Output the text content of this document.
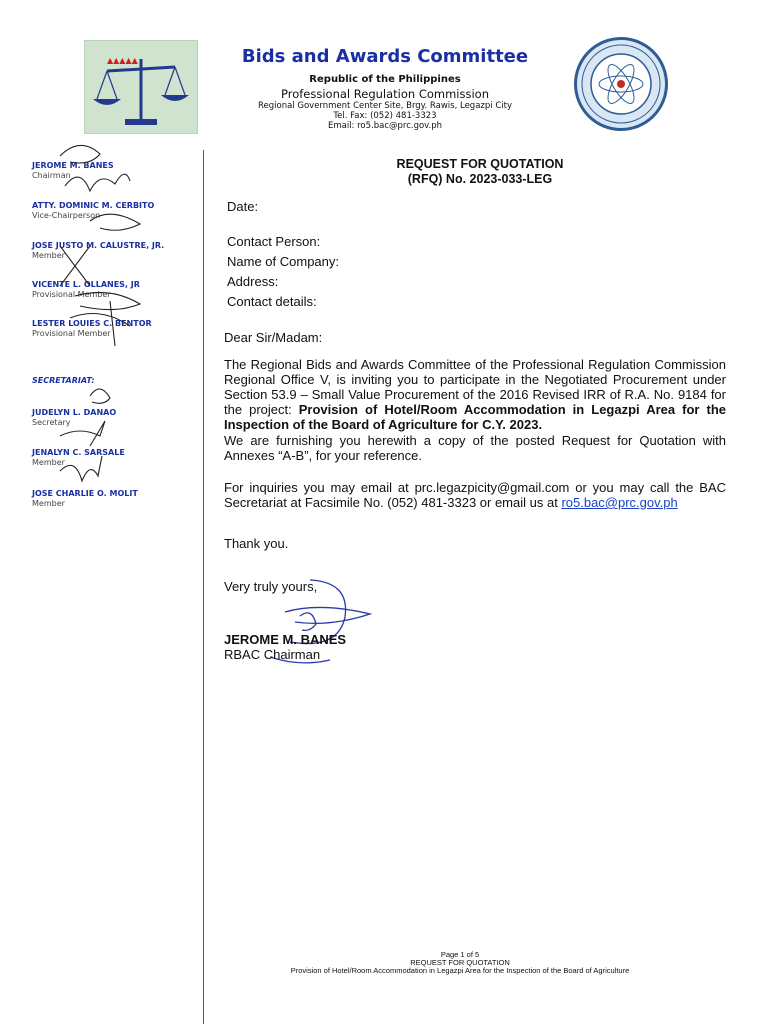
▲▲▲▲▲	Bids and Awards Committee
Republic of the Philippines
Professional Regulation Commission
Regional Government Center Site, Brgy. Rawis, Legazpi City
Tel. Fax: (052) 481-3323
Email: ro5.bac@prc.gov.ph
JEROME M. BANES
Chairman
ATTY. DOMINIC M. CERBITO
Vice-Chairperson
JOSE JUSTO M. CALUSTRE, JR.
Member
VICENTE L. OLLANES, JR
Provisional Member
LESTER LOUIES C. BENTOR
Provisional Member
SECRETARIAT:
JUDELYN L. DANAO
Secretary
JENALYN C. SARSALE
Member
JOSE CHARLIE O. MOLIT
Member
REQUEST FOR QUOTATION
(RFQ) No. 2023-033-LEG
Date:
Contact Person:
Name of Company:
Address:
Contact details:
Dear Sir/Madam:
The Regional Bids and Awards Committee of the Professional Regulation Commission Regional Office V, is inviting you to participate in the Negotiated Procurement under Section 53.9 – Small Value Procurement of the 2016 Revised IRR of R.A. No. 9184 for the project: Provision of Hotel/Room Accommodation in Legazpi Area for the Inspection of the Board of Agriculture for C.Y. 2023.
We are furnishing you herewith a copy of the posted Request for Quotation with Annexes “A-B”, for your reference.
For inquiries you may email at prc.legazpicity@gmail.com or you may call the BAC Secretariat at Facsimile No. (052) 481-3323 or email us at ro5.bac@prc.gov.ph
Thank you.
Very truly yours,
JEROME M. BANES
RBAC Chairman
Page 1 of 5
REQUEST FOR QUOTATION
Provision of Hotel/Room Accommodation in Legazpi Area for the Inspection of the Board of Agriculture
